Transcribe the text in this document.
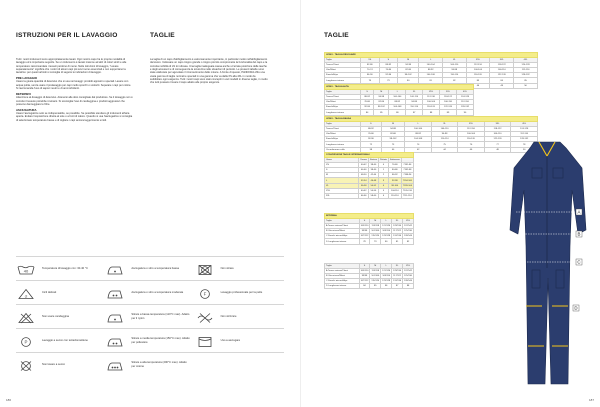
ISTRUZIONI PER IL LAVAGGIO

Tutti i nostri indumenti sono appropriatamente lavati. Ogni nostro capo ha le proprie modalità di lavaggio ed è importante seguirle. Se un indumento è lavato insieme ad altri di colori simili e alle temperature raccomandate i tessuti perdono di meno. Nelle istruzioni di lavaggio, "Lavare separatamente" significa che i colori di alcuni capi più scuri sono essenziali e non sopportano la lavatrice: per questi articoli si consiglia di seguire le indicazioni di lavaggio.

PRE LAVAGGIO

Usare la giusta quantità di detersivo che si usa nei lavaggi: prodotti appositi o speciali. Lavare con acqua pulita, senza usare il prelavaggio per capi molto sporchi o scoloriti. Separare i capi per colore. Si raccomanda l'uso di saponi neutri e di ammorbidenti.

DETERSIVI

Attenzione al dosaggio di detersivo. Attenersi alle dosi consigliate dal produttore. Se il dosaggio non è corretto il tessuto potrebbe rovinarsi. Si sconsiglia l'uso di candeggina e prodotti aggressivi che possono danneggiare le fibre.

ASCIUGATURA

Usare l'asciugatrice solo se indispensabile, se possibile. Se possibile stendere gli indumenti all'aria aperta. Evitare l'esposizione diretta al sole o a fonti di calore. Quando si usa l'asciugatrice si consiglia di selezionare temperature basse e di togliere i capi ancora leggermente umidi.

TAGLIE

La taglia di un capo d'abbigliamento è estremamente importante, in particolar modo nell'abbigliamento da lavoro. Indossare un capo troppo grande o troppo piccolo compromette la funzionalità del capo e la corretta mobilità di chi lo indossa. Una taglia inadeguata causa anche un'errata posizione delle tasche e degli accessori e di conseguenza la sicurezza nelle situazioni di pericolo. Le presenti tabelle sono state elaborate per agevolare il riconoscimento delle misure. A fronte di questo, PANDORA offre una vasta gamma di taglie normali e speciali in una gamma che va dalla XS alla 4XL in modo da soddisfare ogni esigenza. Tutti i nostri capi sono stati concepiti in vari modelli in diverse taglie, in modo che tutti possano trovare il capo adatto alle proprie esigenze.

40	Temperatura di lavaggio con: 30-40 °C	Asciugatura o stiro a temperatura bassa	Non stirare
cl
Cicli delicati	Asciugatura o stiro a temperatura moderata	F	Lavaggio professionale per la pelle
Non usare candeggina
Stirare a bassa temperatura (110°C max). Adatto per il nylon
Non strizzare
P	Lavaggio a secco con tetracloroetilene
Stirare a media temperatura (150°C max). Adatto per poliestere
Uso a asciugare
Non lavare a secco
Stirare a alta temperatura (200°C max). Adatto per cotone
186
TAGLIE
UOMO - TAGLIA REGOLARE								
Taglia	XS	S	M	L	XL	XXL	3XL	4XL
Torace/Chest	82-86	88-92	94-98	100-104	106-110	112-116	118-122	124-128
Vita/Waist	70-74	76-80	82-86	88-92	94-98	100-104	106-110	112-116
Fianchi/Hips	86-90	92-96	98-102	104-108	110-114	116-120	122-126	128-132
Lunghezza interna	78	79	80	81	82	83	84	85
						46	48	50
UOMO - TAGLIA ALTA							
Taglia	S	M	L	XL	XXL	3XL	4XL
Torace/Chest	88-92	94-98	100-104	106-110	112-116	118-122	124-128
Vita/Waist	76-80	82-86	88-92	94-98	100-104	106-110	112-116
Fianchi/Hips	92-96	98-102	104-108	110-114	116-120	122-126	128-132
Lunghezza interna	84	85	86	87	88	89	90

UOMO - TAGLIA BASSA							
Taglia	S	M	L	XL	XXL	3XL	4XL
Torace/Chest	88-92	94-98	100-104	106-110	112-116	118-122	124-128
Vita/Waist	76-80	82-86	88-92	94-98	100-104	106-110	112-116
Fianchi/Hips	92-96	98-102	104-108	110-114	116-120	122-126	128-132
Lunghezza interna	72	73	74	75	76	77	78
Circonferenza collo	38	40	42	44	46	48	50
CONVERSIONE TAGLIE INTERNAZIONALI					
Uomo	Donna	Statura	Pettata	Sottoseno	
XS	40-42	38-40	0	76-80	7181-84
S	44-46	38-40	1	80-86	7182-88
M	48-50	42-44	2	86-92	7188-94
L	52-54	46-48	3	92-98	7194-100
XL	56-58	50-52	4	98-104	7199-104
XXL	60-62	54-56	5	104-110	7105-110
3XL	64-66	58-60	6	110-116	7111-116
INTERNAL					
Taglia	S	M	L	XL	XXL
A Torace misura/Chest	105/110	113/118	121/126	129/134	137/142
B Vita misura/Waist	93/98	101/106	109/114	117/122	125/130
C Fianchi misura/Hips	107/112	115/120	123/128	131/136	139/144
D Lunghezza interna	78	79	80	81	82
Taglia	S	M	L	XL	XXL
A Torace misura/Chest	105/110	113/118	121/126	129/134	137/142
B Vita misura/Waist	93/98	101/106	109/114	117/122	125/130
C Fianchi misura/Hips	107/112	115/120	123/128	131/136	139/144
D Lunghezza interna	84	85	86	87	88
A
B
C
D
187
